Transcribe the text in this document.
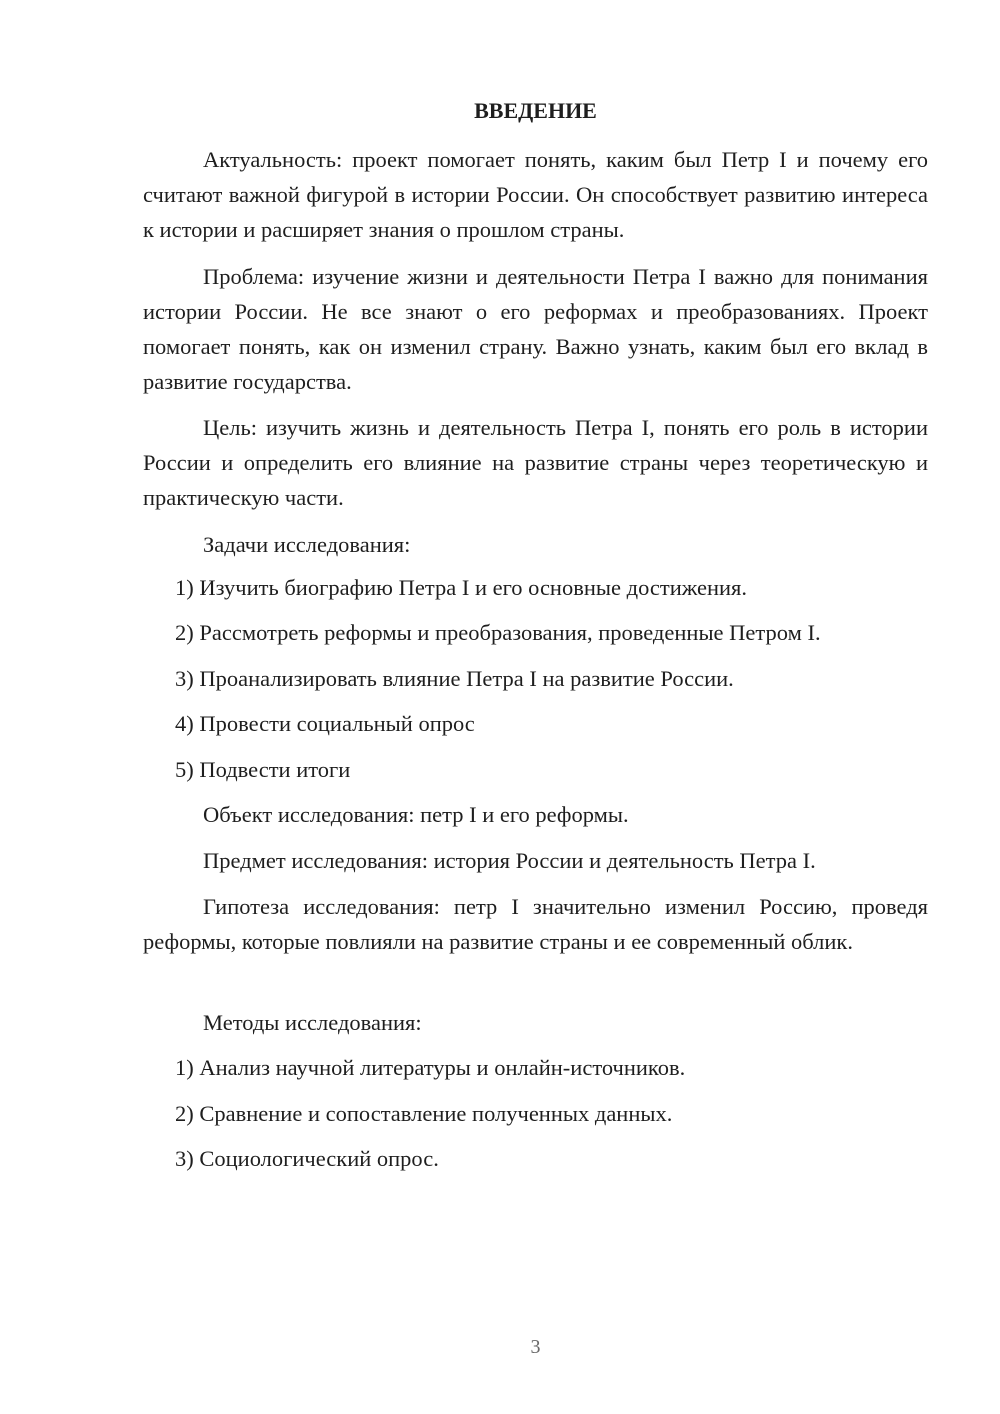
ВВЕДЕНИЕ

Актуальность: проект помогает понять, каким был Петр I и почему его считают важной фигурой в истории России. Он способствует развитию интереса к истории и расширяет знания о прошлом страны.

Проблема: изучение жизни и деятельности Петра I важно для понимания истории России. Не все знают о его реформах и преобразованиях. Проект помогает понять, как он изменил страну. Важно узнать, каким был его вклад в развитие государства.

Цель: изучить жизнь и деятельность Петра I, понять его роль в истории России и определить его влияние на развитие страны через теоретическую и практическую части.

Задачи исследования:

1) Изучить биографию Петра I и его основные достижения.

2) Рассмотреть реформы и преобразования, проведенные Петром I.

3) Проанализировать влияние Петра I на развитие России.

4) Провести социальный опрос

5) Подвести итоги

Объект исследования: петр I и его реформы.

Предмет исследования: история России и деятельность Петра I.

Гипотеза исследования: петр I значительно изменил Россию, проведя реформы, которые повлияли на развитие страны и ее современный облик.

Методы исследования:

1) Анализ научной литературы и онлайн-источников.

2) Сравнение и сопоставление полученных данных.

3) Социологический опрос.

3
